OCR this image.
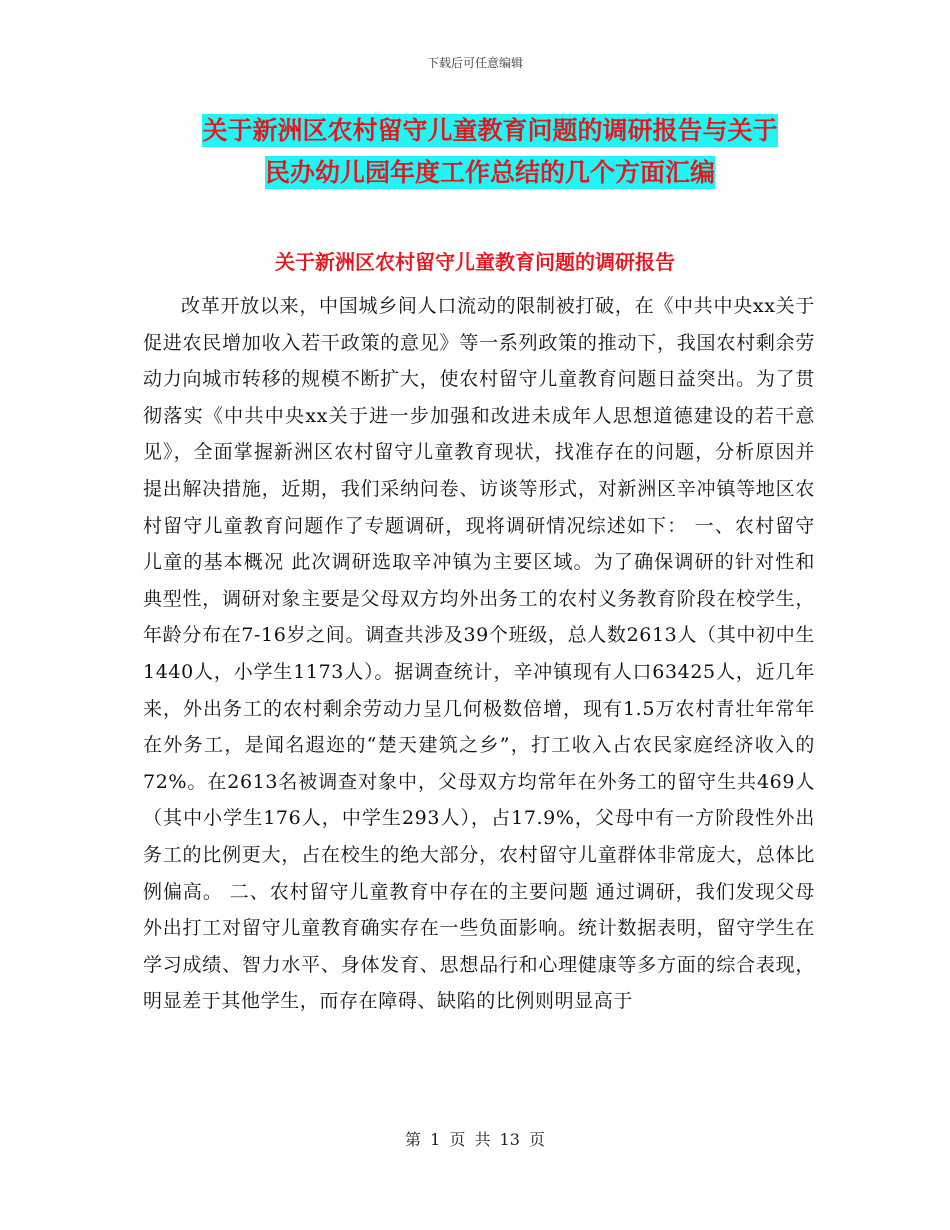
下载后可任意编辑
关于新洲区农村留守儿童教育问题的调研报告与关于
民办幼儿园年度工作总结的几个方面汇编
关于新洲区农村留守儿童教育问题的调研报告

改革开放以来，中国城乡间人口流动的限制被打破，在《中共中央xx关于促进农民增加收入若干政策的意见》等一系列政策的推动下，我国农村剩余劳动力向城市转移的规模不断扩大，使农村留守儿童教育问题日益突出。为了贯彻落实《中共中央xx关于进一步加强和改进未成年人思想道德建设的若干意见》，全面掌握新洲区农村留守儿童教育现状，找准存在的问题，分析原因并提出解决措施，近期，我们采纳问卷、访谈等形式，对新洲区辛冲镇等地区农村留守儿童教育问题作了专题调研，现将调研情况综述如下： 一、农村留守儿童的基本概况 此次调研选取辛冲镇为主要区域。为了确保调研的针对性和典型性，调研对象主要是父母双方均外出务工的农村义务教育阶段在校学生，年龄分布在7-16岁之间。调查共涉及39个班级，总人数2613人（其中初中生1440人，小学生1173人）。据调查统计，辛冲镇现有人口63425人，近几年来，外出务工的农村剩余劳动力呈几何极数倍增，现有1.5万农村青壮年常年在外务工，是闻名遐迩的“楚天建筑之乡”，打工收入占农民家庭经济收入的72%。在2613名被调查对象中，父母双方均常年在外务工的留守生共469人（其中小学生176人，中学生293人），占17.9%，父母中有一方阶段性外出务工的比例更大，占在校生的绝大部分，农村留守儿童群体非常庞大，总体比例偏高。 二、农村留守儿童教育中存在的主要问题 通过调研，我们发现父母外出打工对留守儿童教育确实存在一些负面影响。统计数据表明，留守学生在学习成绩、智力水平、身体发育、思想品行和心理健康等多方面的综合表现，明显差于其他学生，而存在障碍、缺陷的比例则明显高于

第 1 页 共 13 页
